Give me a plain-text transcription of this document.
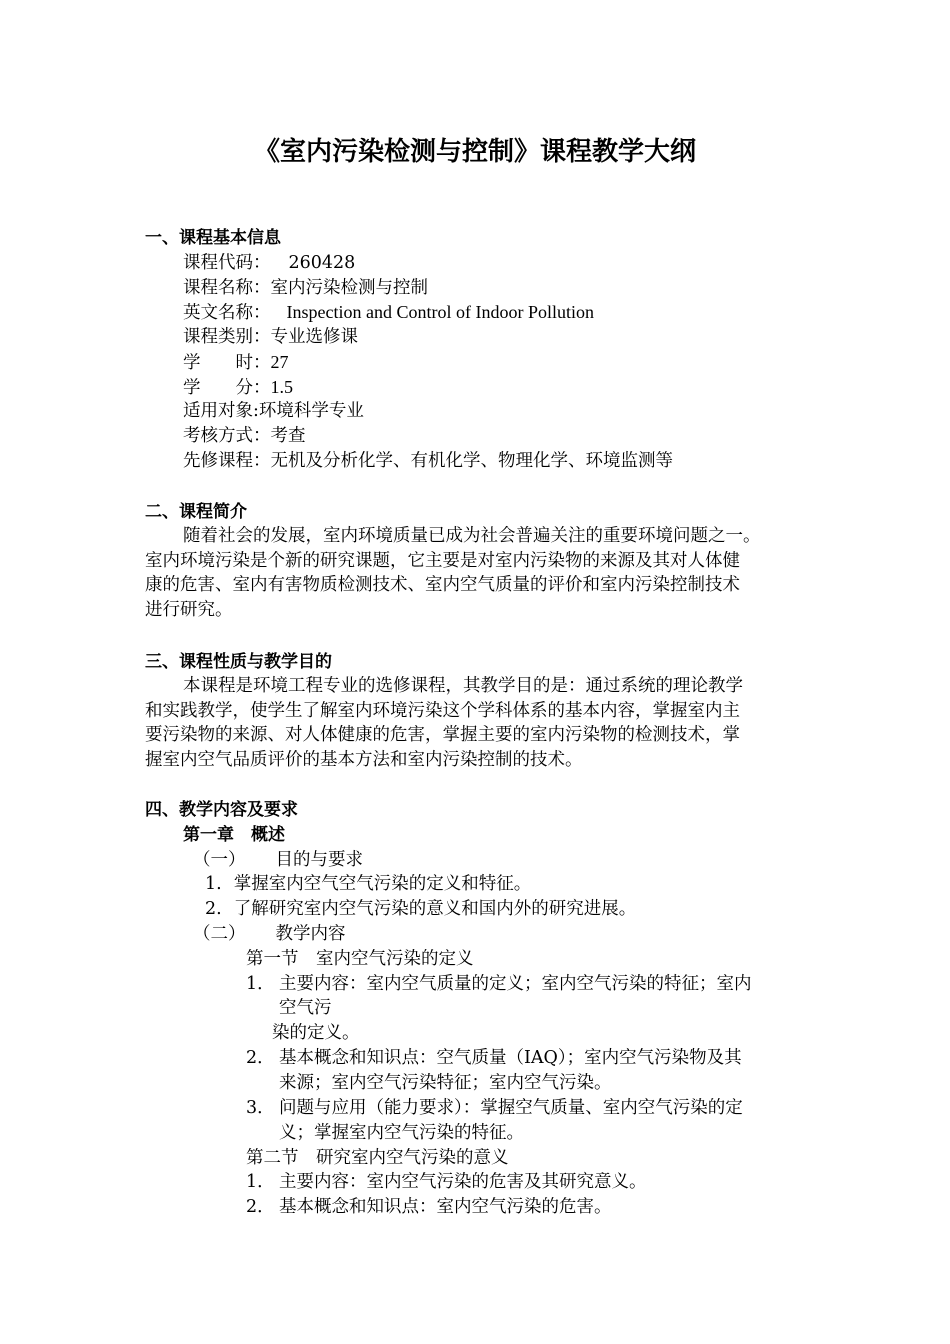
《室内污染检测与控制》课程教学大纲
一、课程基本信息
课程代码： 260428
课程名称：室内污染检测与控制
英文名称： Inspection and Control of Indoor Pollution
课程类别：专业选修课
学　　时：27
学　　分：1.5
适用对象:环境科学专业
考核方式：考查
先修课程：无机及分析化学、有机化学、物理化学、环境监测等
二、课程简介
随着社会的发展，室内环境质量已成为社会普遍关注的重要环境问题之一。
室内环境污染是个新的研究课题，它主要是对室内污染物的来源及其对人体健
康的危害、室内有害物质检测技术、室内空气质量的评价和室内污染控制技术
进行研究。
三、课程性质与教学目的
本课程是环境工程专业的选修课程，其教学目的是：通过系统的理论教学
和实践教学，使学生了解室内环境污染这个学科体系的基本内容，掌握室内主
要污染物的来源、对人体健康的危害，掌握主要的室内污染物的检测技术，掌
握室内空气品质评价的基本方法和室内污染控制的技术。
四、教学内容及要求
第一章　概述
（一） 目的与要求
1. 掌握室内空气空气污染的定义和特征。
2. 了解研究室内空气污染的意义和国内外的研究进展。
（二） 教学内容
第一节　室内空气污染的定义
1． 主要内容：室内空气质量的定义；室内空气污染的特征；室内
空气污
染的定义。
2． 基本概念和知识点：空气质量（IAQ）；室内空气污染物及其
来源；室内空气污染特征；室内空气污染。
3． 问题与应用（能力要求）：掌握空气质量、室内空气污染的定
义；掌握室内空气污染的特征。
第二节　研究室内空气污染的意义
1． 主要内容：室内空气污染的危害及其研究意义。
2． 基本概念和知识点：室内空气污染的危害。
